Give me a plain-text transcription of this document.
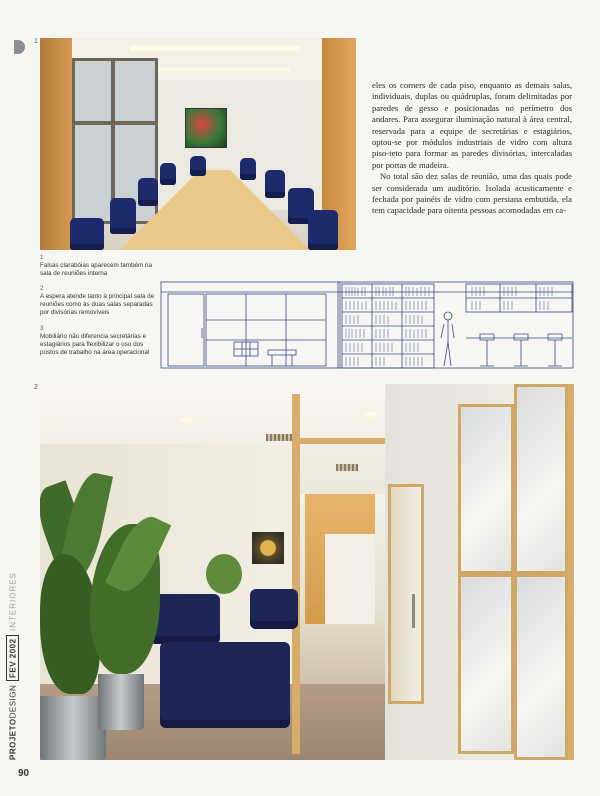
1
2
PROJETODESIGN
FEV 2002
INTERIORES
90
1
Falsas clarabóias aparecem também na sala de reuniões interna
2
A espera atende tanto à principal sala de reuniões como às duas salas separadas por divisórias removíveis
3
Mobiliário não diferencia secretárias e estagiários para flexibilizar o uso dos postos de trabalho na área operacional

eles os corners de cada piso, enquanto as demais salas, individuais, duplas ou quádruplas, foram delimitadas por paredes de gesso e posicionadas no perímetro dos andares. Para assegurar iluminação natural à área central, reservada para a equipe de secretárias e estagiários, optou-se por módulos industriais de vidro com altura piso-teto para formar as paredes divisórias, intercaladas por portas de madeira.

No total são dez salas de reunião, uma das quais pode ser considerada um auditório. Isolada acusticamente e fechada por painéis de vidro com persiana embutida, ela tem capacidade para oitenta pessoas acomodadas em ca-
